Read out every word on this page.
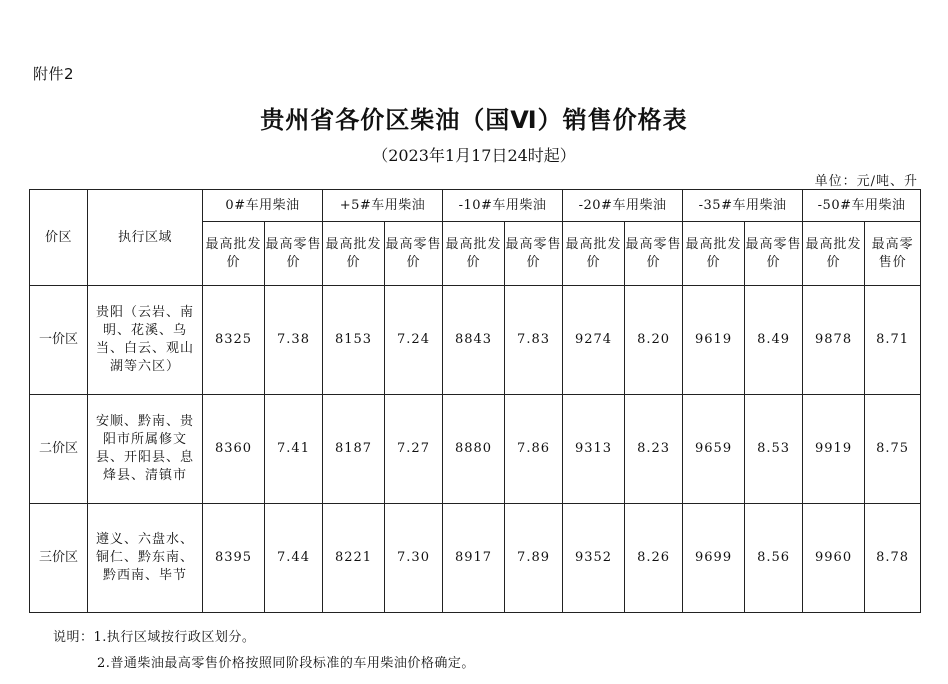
附件2
贵州省各价区柴油（国Ⅵ）销售价格表
（2023年1月17日24时起）
单位：元/吨、升
价区	执行区域	0#车用柴油		+5#车用柴油		-10#车用柴油		-20#车用柴油		-35#车用柴油		-50#车用柴油	
		最高批发价	最高零售价	最高批发价	最高零售价	最高批发价	最高零售价	最高批发价	最高零售价	最高批发价	最高零售价	最高批发价	最高零售价
一价区	贵阳（云岩、南明、花溪、乌当、白云、观山湖等六区）	8325	7.38	8153	7.24	8843	7.83	9274	8.20	9619	8.49	9878	8.71
二价区	安顺、黔南、贵阳市所属修文县、开阳县、息烽县、清镇市	8360	7.41	8187	7.27	8880	7.86	9313	8.23	9659	8.53	9919	8.75
三价区	遵义、六盘水、铜仁、黔东南、黔西南、毕节	8395	7.44	8221	7.30	8917	7.89	9352	8.26	9699	8.56	9960	8.78
说明：1.执行区域按行政区划分。
2.普通柴油最高零售价格按照同阶段标准的车用柴油价格确定。
